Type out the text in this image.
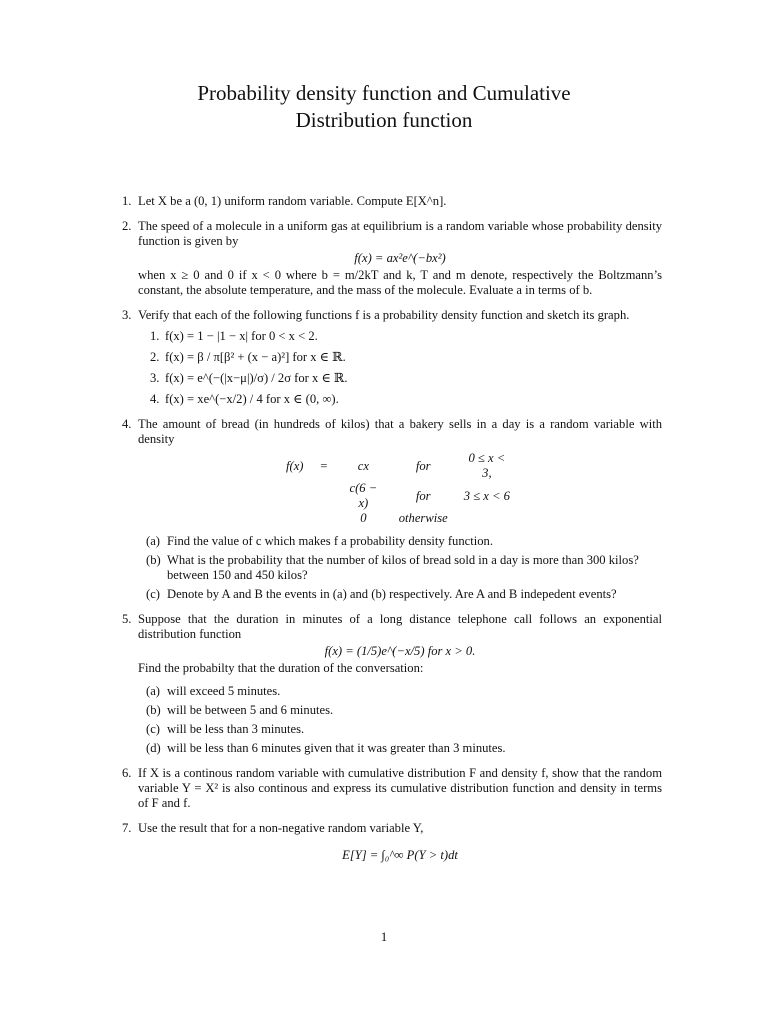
Probability density function and Cumulative
Distribution function
1. Let X be a (0, 1) uniform random variable. Compute E[X^n].
2. The speed of a molecule in a uniform gas at equilibrium is a random variable whose probability density function is given by
f(x) = ax²e^(−bx²)
when x ≥ 0 and 0 if x < 0 where b = m/2kT and k, T and m denote, respectively the Boltzmann’s constant, the absolute temperature, and the mass of the molecule. Evaluate a in terms of b.
3. Verify that each of the following functions f is a probability density function and sketch its graph.
1. f(x) = 1 − |1 − x| for 0 < x < 2.
2. f(x) = β / π[β² + (x − a)²] for x ∈ ℝ.
3. f(x) = e^(−(|x−μ|)/σ) / 2σ for x ∈ ℝ.
4. f(x) = xe^(−x/2) / 4 for x ∈ (0, ∞).
4. The amount of bread (in hundreds of kilos) that a bakery sells in a day is a random variable with density
f(x)	=	cx	for	0 ≤ x < 3,
		c(6 − x)	for	3 ≤ x < 6
		0	otherwise	
(a) Find the value of c which makes f a probability density function.
(b) What is the probability that the number of kilos of bread sold in a day is more than 300 kilos? between 150 and 450 kilos?
(c) Denote by A and B the events in (a) and (b) respectively. Are A and B indepedent events?
5. Suppose that the duration in minutes of a long distance telephone call follows an exponential distribution function
f(x) = (1/5)e^(−x/5) for x > 0.
Find the probabilty that the duration of the conversation:
(a) will exceed 5 minutes.
(b) will be between 5 and 6 minutes.
(c) will be less than 3 minutes.
(d) will be less than 6 minutes given that it was greater than 3 minutes.
6. If X is a continous random variable with cumulative distribution F and density f, show that the random variable Y = X² is also continous and express its cumulative distribution function and density in terms of F and f.
7. Use the result that for a non-negative random variable Y,
E[Y] = ∫₀^∞ P(Y > t)dt
1
